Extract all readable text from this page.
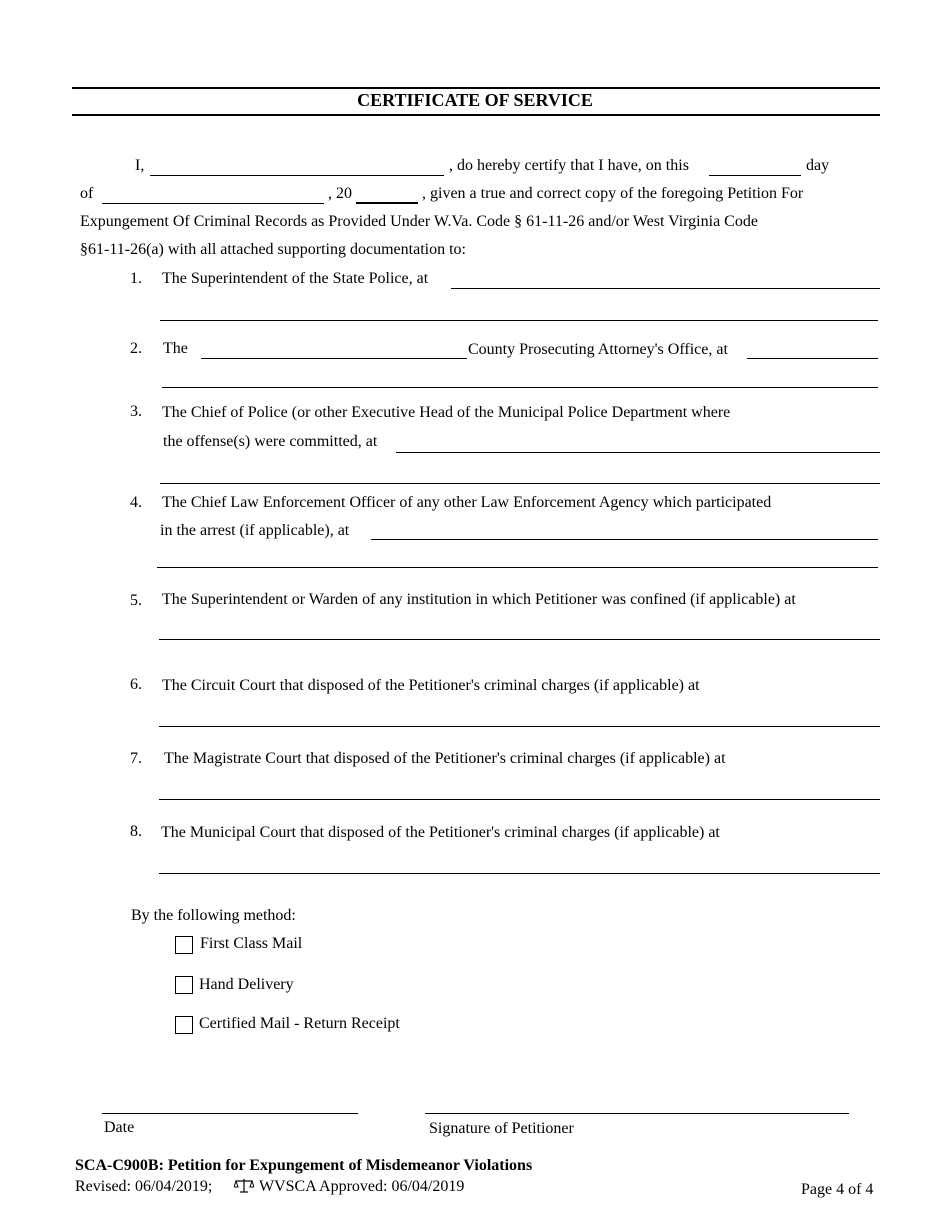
CERTIFICATE OF SERVICE
I,	, do hereby certify that I have, on this	day
of	, 20	, given a true and correct copy of the foregoing Petition For
Expungement Of Criminal Records as Provided Under W.Va. Code § 61-11-26 and/or West Virginia Code
§61-11-26(a) with all attached supporting documentation to:
1. The Superintendent of the State Police, at
2. The	County Prosecuting Attorney's Office, at
3. The Chief of Police (or other Executive Head of the Municipal Police Department where
the offense(s) were committed, at
4. The Chief Law Enforcement Officer of any other Law Enforcement Agency which participated
in the arrest (if applicable), at
5. The Superintendent or Warden of any institution in which Petitioner was confined (if applicable) at
6. The Circuit Court that disposed of the Petitioner's criminal charges (if applicable) at
7. The Magistrate Court that disposed of the Petitioner's criminal charges (if applicable) at
8. The Municipal Court that disposed of the Petitioner's criminal charges (if applicable) at
By the following method:
First Class Mail
Hand Delivery
Certified Mail - Return Receipt
Date	Signature of Petitioner
SCA-C900B: Petition for Expungement of Misdemeanor Violations
Revised: 06/04/2019;	WVSCA Approved: 06/04/2019	Page 4 of 4
